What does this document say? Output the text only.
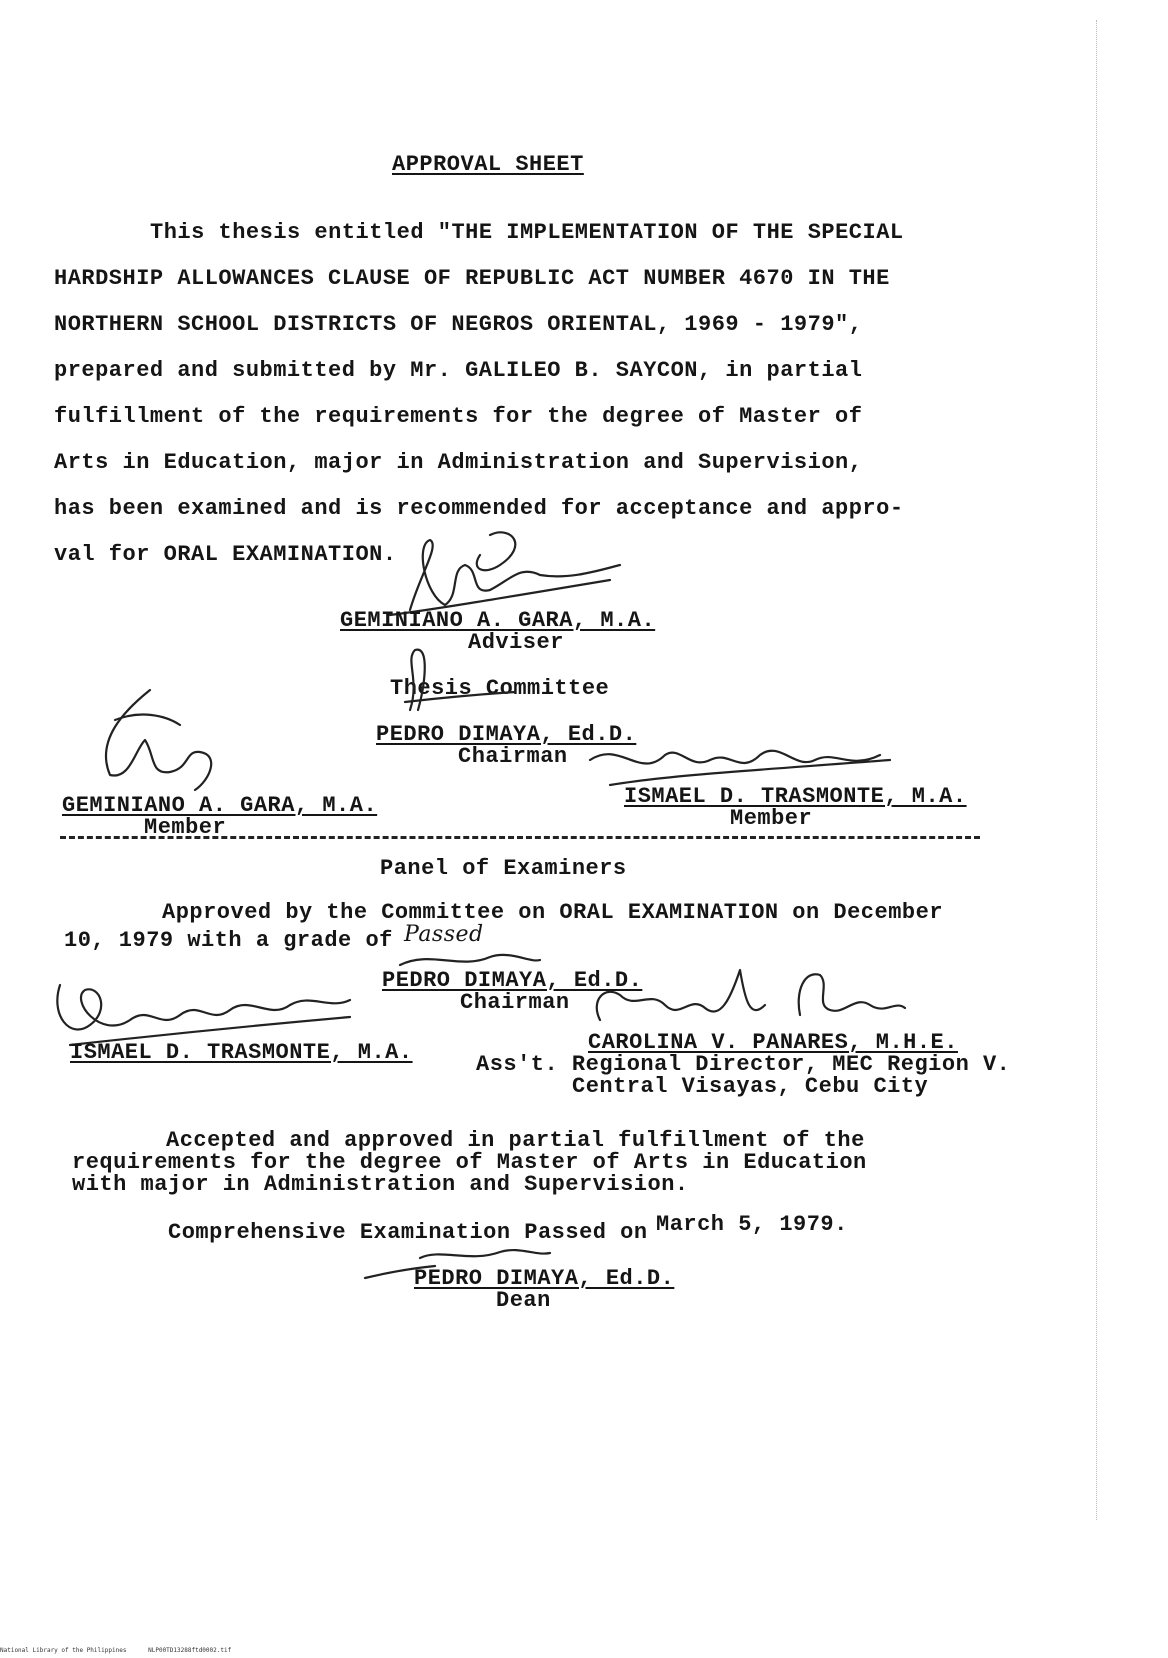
APPROVAL SHEET
This thesis entitled "THE IMPLEMENTATION OF THE SPECIAL
HARDSHIP ALLOWANCES CLAUSE OF REPUBLIC ACT NUMBER 4670 IN THE
NORTHERN SCHOOL DISTRICTS OF NEGROS ORIENTAL, 1969 - 1979",
prepared and submitted by Mr. GALILEO B. SAYCON, in partial
fulfillment of the requirements for the degree of Master of
Arts in Education, major in Administration and Supervision,
has been examined and is recommended for acceptance and appro-
val for ORAL EXAMINATION.
GEMINIANO A. GARA, M.A.
Adviser
Thesis Committee
PEDRO DIMAYA, Ed.D.
Chairman
GEMINIANO A. GARA, M.A.
Member
ISMAEL D. TRASMONTE, M.A.
Member
Panel of Examiners
Approved by the Committee on ORAL EXAMINATION on December
10, 1979 with a grade of Passed
PEDRO DIMAYA, Ed.D.
Chairman
ISMAEL D. TRASMONTE, M.A.	CAROLINA V. PANARES, M.H.E.
Ass't. Regional Director, MEC Region V.
Central Visayas, Cebu City
Accepted and approved in partial fulfillment of the
requirements for the degree of Master of Arts in Education
with major in Administration and Supervision.
Comprehensive Examination Passed on March 5, 1979.
PEDRO DIMAYA, Ed.D.
Dean
National Library of the Philippines	NLP00TD13288ftd0002.tif
